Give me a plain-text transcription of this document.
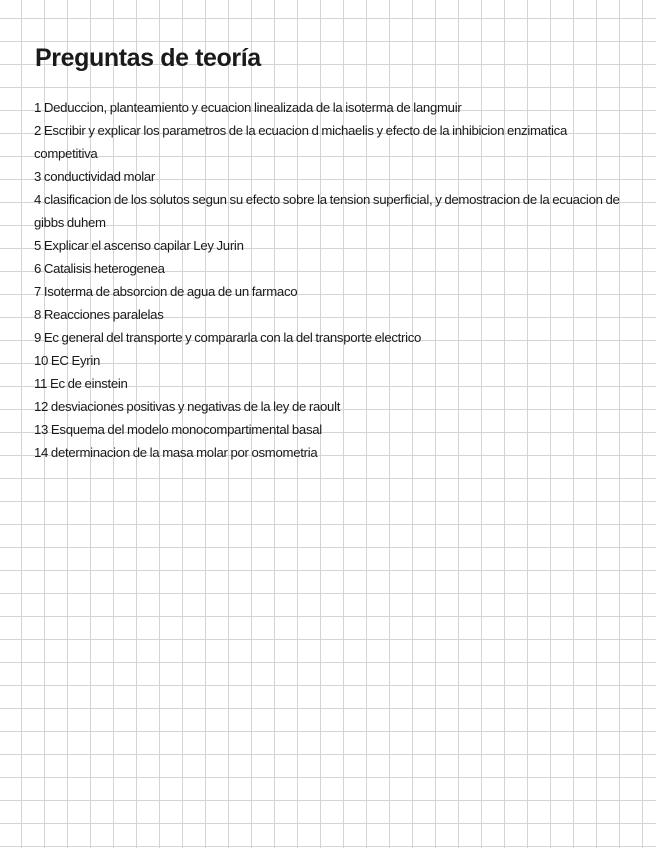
Preguntas de teoría
1 Deduccion, planteamiento y ecuacion linealizada de la isoterma de langmuir
2 Escribir y explicar los parametros de la ecuacion d michaelis y efecto de la inhibicion enzimatica competitiva
3 conductividad molar
4 clasificacion de los solutos segun su efecto sobre la tension superficial, y demostracion de la ecuacion de gibbs duhem
5 Explicar el ascenso capilar Ley Jurin
6 Catalisis heterogenea
7 Isoterma de absorcion de agua de un farmaco
8 Reacciones paralelas
9 Ec general del transporte y compararla con la del transporte electrico
10 EC Eyrin
11 Ec de einstein
12 desviaciones positivas y negativas de la ley de raoult
13 Esquema del modelo monocompartimental basal
14 determinacion de la masa molar por osmometria
